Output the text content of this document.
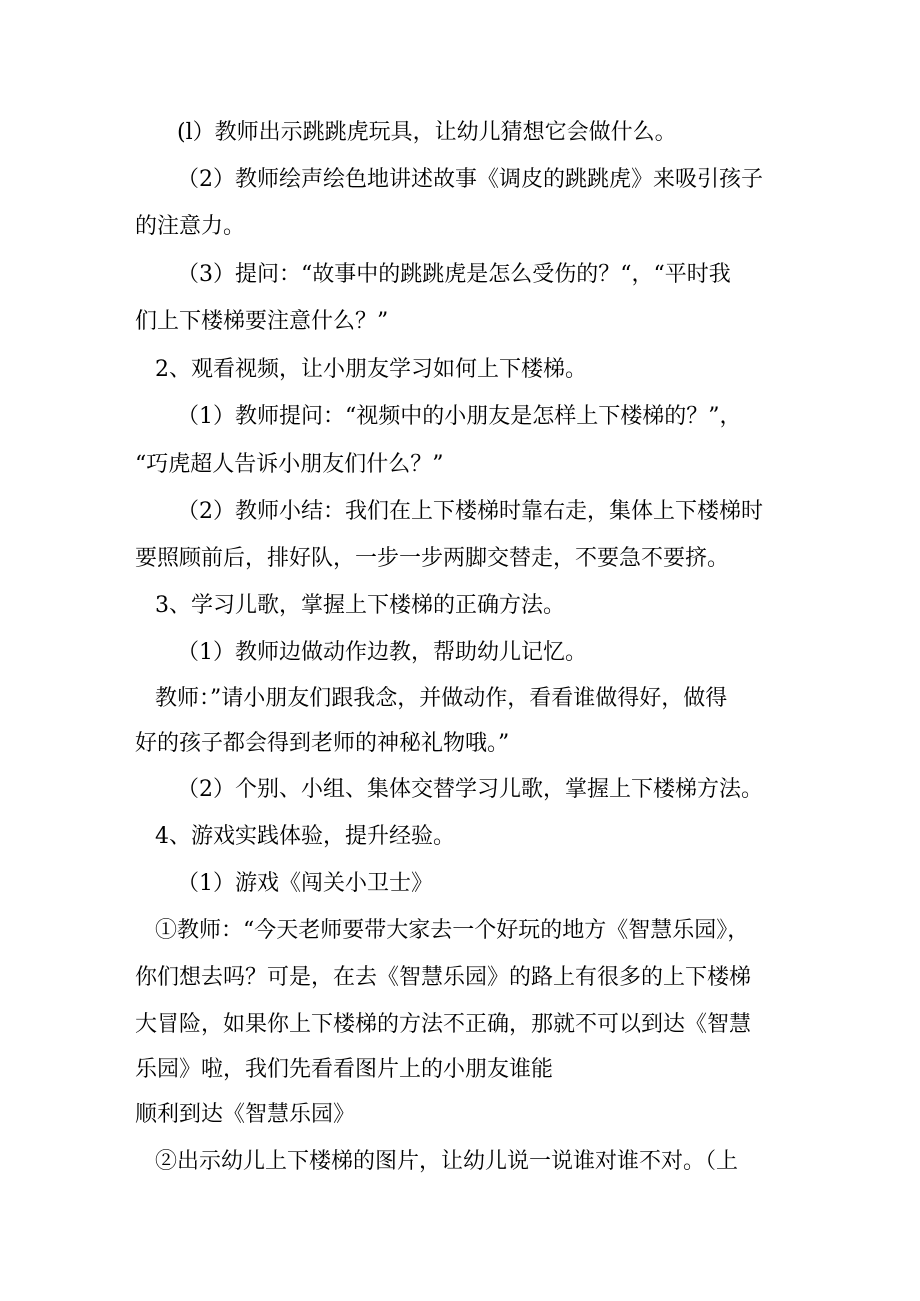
(l）教师出示跳跳虎玩具，让幼儿猜想它会做什么。
（2）教师绘声绘色地讲述故事《调皮的跳跳虎》来吸引孩子
的注意力。
（3）提问：“故事中的跳跳虎是怎么受伤的？“，“平时我
们上下楼梯要注意什么？”
2、观看视频，让小朋友学习如何上下楼梯。
（1）教师提问：“视频中的小朋友是怎样上下楼梯的？”，
“巧虎超人告诉小朋友们什么？”
（2）教师小结：我们在上下楼梯时靠右走，集体上下楼梯时
要照顾前后，排好队，一步一步两脚交替走，不要急不要挤。
3、学习儿歌，掌握上下楼梯的正确方法。
（1）教师边做动作边教，帮助幼儿记忆。
教师：”请小朋友们跟我念，并做动作，看看谁做得好，做得
好的孩子都会得到老师的神秘礼物哦。”
（2）个别、小组、集体交替学习儿歌，掌握上下楼梯方法。
4、游戏实践体验，提升经验。
（1）游戏《闯关小卫士》
①教师：“今天老师要带大家去一个好玩的地方《智慧乐园》，
你们想去吗？可是，在去《智慧乐园》的路上有很多的上下楼梯
大冒险，如果你上下楼梯的方法不正确，那就不可以到达《智慧
乐园》啦，我们先看看图片上的小朋友谁能
顺利到达《智慧乐园》
②出示幼儿上下楼梯的图片，让幼儿说一说谁对谁不对。（上
